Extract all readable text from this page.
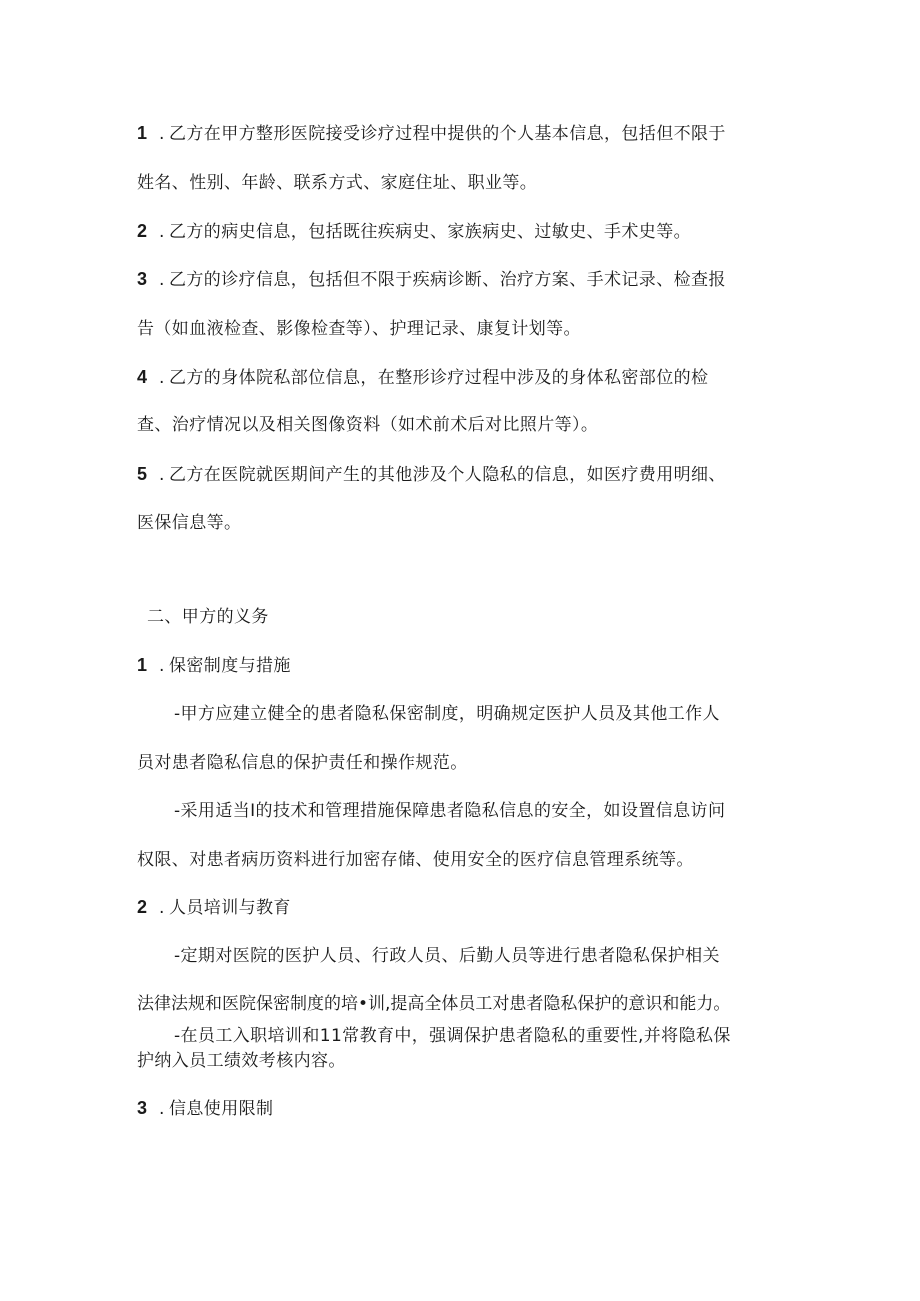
1 . 乙方在甲方整形医院接受诊疗过程中提供的个人基本信息，包括但不限于
姓名、性别、年龄、联系方式、家庭住址、职业等。
2 . 乙方的病史信息，包括既往疾病史、家族病史、过敏史、手术史等。
3 . 乙方的诊疗信息，包括但不限于疾病诊断、治疗方案、手术记录、检查报
告（如血液检查、影像检查等）、护理记录、康复计划等。
4 . 乙方的身体院私部位信息，在整形诊疗过程中涉及的身体私密部位的检
查、治疗情况以及相关图像资料（如术前术后对比照片等）。
5 . 乙方在医院就医期间产生的其他涉及个人隐私的信息，如医疗费用明细、
医保信息等。
二、甲方的义务
1 . 保密制度与措施
-甲方应建立健全的患者隐私保密制度，明确规定医护人员及其他工作人
员对患者隐私信息的保护责任和操作规范。
-采用适当I的技术和管理措施保障患者隐私信息的安全，如设置信息访问
权限、对患者病历资料进行加密存储、使用安全的医疗信息管理系统等。
2 . 人员培训与教育
-定期对医院的医护人员、行政人员、后勤人员等进行患者隐私保护相关
法律法规和医院保密制度的培•训,提高全体员工对患者隐私保护的意识和能力。
-在员工入职培训和11常教育中，强调保护患者隐私的重要性,并将隐私保
护纳入员工绩效考核内容。
3 . 信息使用限制
